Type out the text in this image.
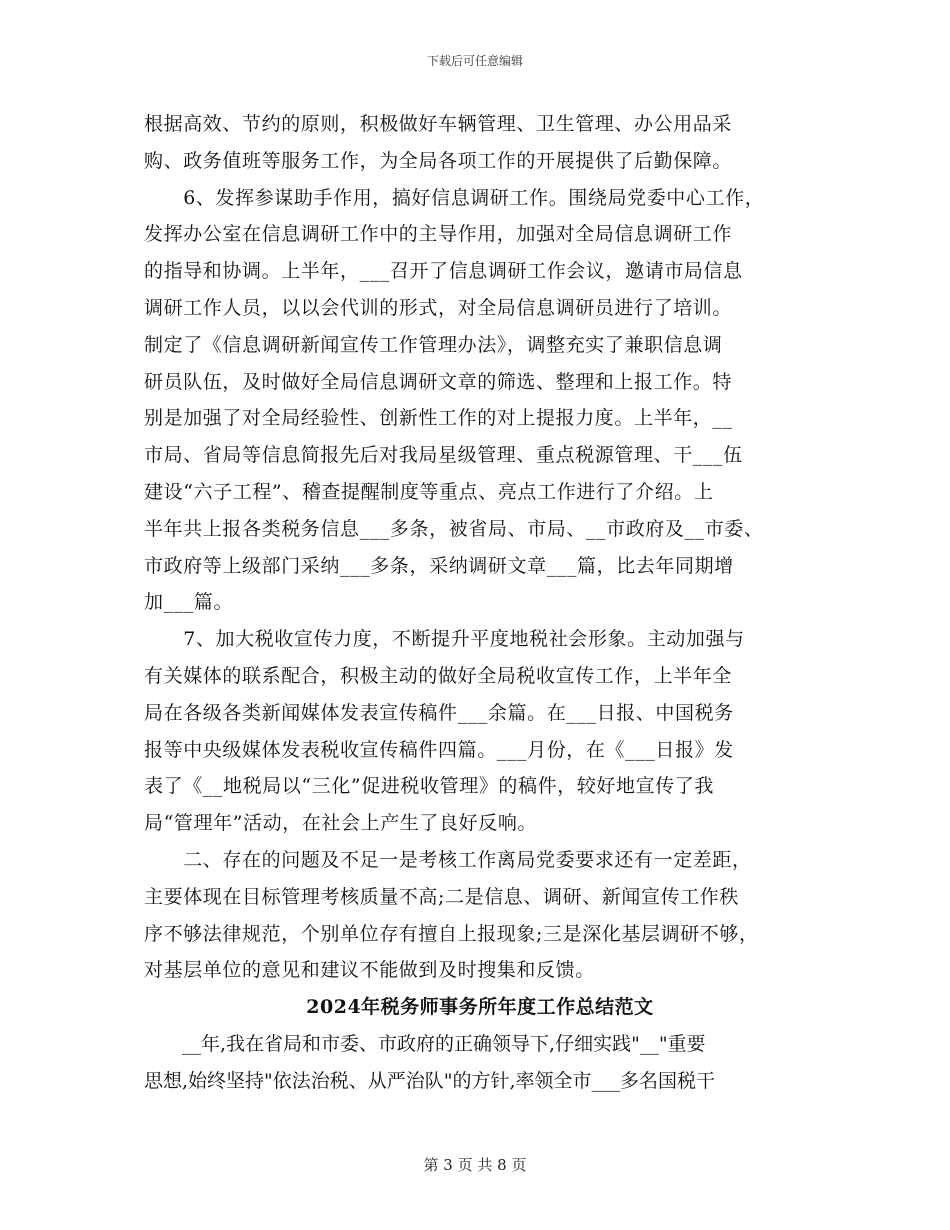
下载后可任意编辑
根据高效、节约的原则，积极做好车辆管理、卫生管理、办公用品采
购、政务值班等服务工作，为全局各项工作的开展提供了后勤保障。
　　6、发挥参谋助手作用，搞好信息调研工作。围绕局党委中心工作，
发挥办公室在信息调研工作中的主导作用，加强对全局信息调研工作
的指导和协调。上半年，___召开了信息调研工作会议，邀请市局信息
调研工作人员，以以会代训的形式，对全局信息调研员进行了培训。
制定了《信息调研新闻宣传工作管理办法》，调整充实了兼职信息调
研员队伍，及时做好全局信息调研文章的筛选、整理和上报工作。特
别是加强了对全局经验性、创新性工作的对上提报力度。上半年，__
市局、省局等信息简报先后对我局星级管理、重点税源管理、干___伍
建设“六子工程”、稽查提醒制度等重点、亮点工作进行了介绍。上
半年共上报各类税务信息___多条，被省局、市局、__市政府及__市委、
市政府等上级部门采纳___多条，采纳调研文章___篇，比去年同期增
加___篇。
　　7、加大税收宣传力度，不断提升平度地税社会形象。主动加强与
有关媒体的联系配合，积极主动的做好全局税收宣传工作，上半年全
局在各级各类新闻媒体发表宣传稿件___余篇。在___日报、中国税务
报等中央级媒体发表税收宣传稿件四篇。___月份，在《___日报》发
表了《__地税局以“三化”促进税收管理》的稿件，较好地宣传了我
局“管理年”活动，在社会上产生了良好反响。
　　二、存在的问题及不足一是考核工作离局党委要求还有一定差距，
主要体现在目标管理考核质量不高;二是信息、调研、新闻宣传工作秩
序不够法律规范，个别单位存有擅自上报现象;三是深化基层调研不够，
对基层单位的意见和建议不能做到及时搜集和反馈。
2024年税务师事务所年度工作总结范文
　　__年,我在省局和市委、市政府的正确领导下,仔细实践"__"重要
思想,始终坚持"依法治税、从严治队"的方针,率领全市___多名国税干
第 3 页 共 8 页
